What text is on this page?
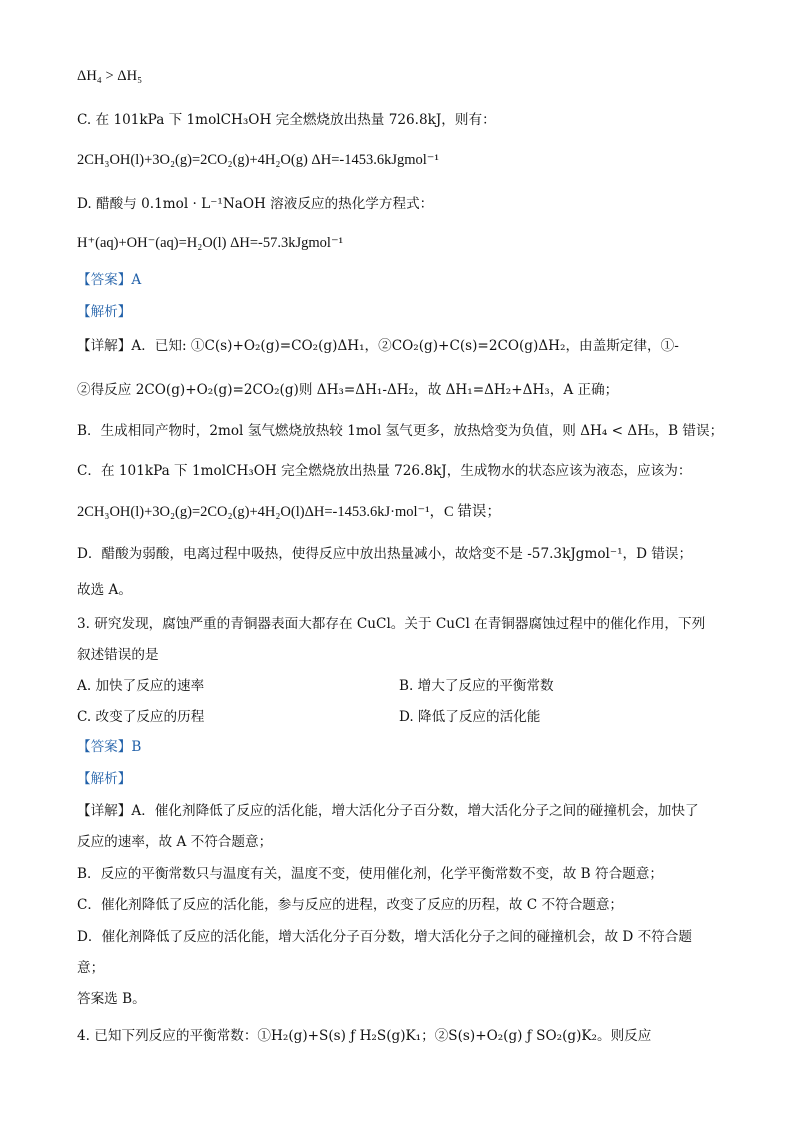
ΔH₄ > ΔH₅
C. 在 101kPa 下 1molCH₃OH 完全燃烧放出热量 726.8kJ，则有：
2CH₃OH(l)+3O₂(g)=2CO₂(g)+4H₂O(g) ΔH=-1453.6kJgmol⁻¹
D. 醋酸与 0.1mol · L⁻¹NaOH 溶液反应的热化学方程式：
H⁺(aq)+OH⁻(aq)=H₂O(l) ΔH=-57.3kJgmol⁻¹
【答案】A
【解析】
【详解】A．已知: ①C(s)+O₂(g)=CO₂(g)ΔH₁，②CO₂(g)+C(s)=2CO(g)ΔH₂，由盖斯定律，①-
②得反应 2CO(g)+O₂(g)=2CO₂(g)则 ΔH₃=ΔH₁-ΔH₂，故 ΔH₁=ΔH₂+ΔH₃，A 正确；
B．生成相同产物时，2mol 氢气燃烧放热较 1mol 氢气更多，放热焓变为负值，则 ΔH₄ < ΔH₅，B 错误；
C．在 101kPa 下 1molCH₃OH 完全燃烧放出热量 726.8kJ，生成物水的状态应该为液态，应该为：
2CH₃OH(l)+3O₂(g)=2CO₂(g)+4H₂O(l)ΔH=-1453.6kJ·mol⁻¹，C 错误；
D．醋酸为弱酸，电离过程中吸热，使得反应中放出热量减小，故焓变不是 -57.3kJgmol⁻¹，D 错误；
故选 A。
3. 研究发现，腐蚀严重的青铜器表面大都存在 CuCl。关于 CuCl 在青铜器腐蚀过程中的催化作用，下列
叙述错误的是
A. 加快了反应的速率	B. 增大了反应的平衡常数
C. 改变了反应的历程	D. 降低了反应的活化能
【答案】B
【解析】
【详解】A．催化剂降低了反应的活化能，增大活化分子百分数，增大活化分子之间的碰撞机会，加快了
反应的速率，故 A 不符合题意；
B．反应的平衡常数只与温度有关，温度不变，使用催化剂，化学平衡常数不变，故 B 符合题意；
C．催化剂降低了反应的活化能，参与反应的进程，改变了反应的历程，故 C 不符合题意；
D．催化剂降低了反应的活化能，增大活化分子百分数，增大活化分子之间的碰撞机会，故 D 不符合题
意；
答案选 B。
4. 已知下列反应的平衡常数：①H₂(g)+S(s) ƒ H₂S(g)K₁；②S(s)+O₂(g) ƒ SO₂(g)K₂。则反应
